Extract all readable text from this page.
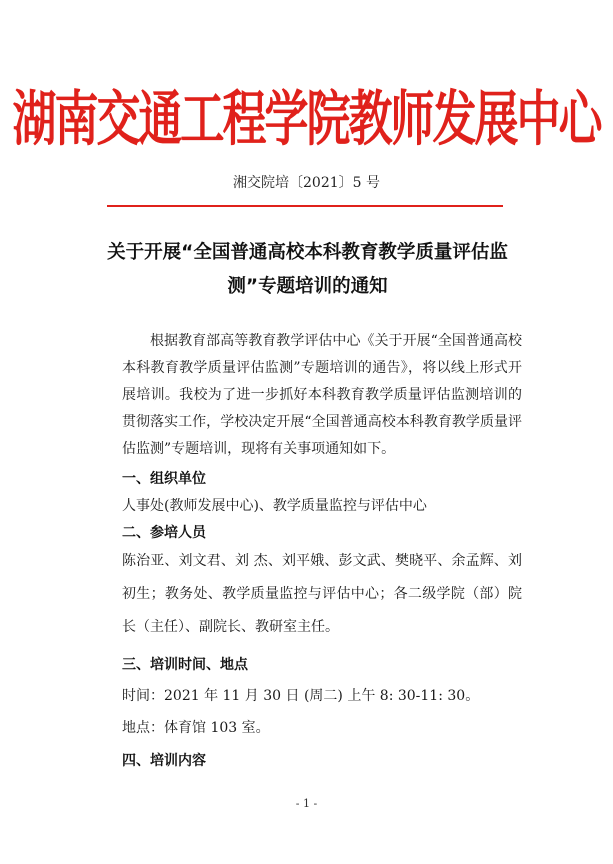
湖南交通工程学院教师发展中心
湘交院培〔2021〕5 号
关于开展“全国普通高校本科教育教学质量评估监
测”专题培训的通知
根据教育部高等教育教学评估中心《关于开展“全国普通高校本科教育教学质量评估监测”专题培训的通告》，将以线上形式开展培训。我校为了进一步抓好本科教育教学质量评估监测培训的贯彻落实工作，学校决定开展“全国普通高校本科教育教学质量评估监测”专题培训，现将有关事项通知如下。
一、组织单位
人事处(教师发展中心)、教学质量监控与评估中心
二、参培人员
陈治亚、刘文君、刘 杰、刘平娥、彭文武、樊晓平、余孟辉、刘初生；教务处、教学质量监控与评估中心；各二级学院（部）院长（主任）、副院长、教研室主任。
三、培训时间、地点
时间：2021 年 11 月 30 日 (周二) 上午 8: 30-11: 30。
地点：体育馆 103 室。
四、培训内容
- 1 -
